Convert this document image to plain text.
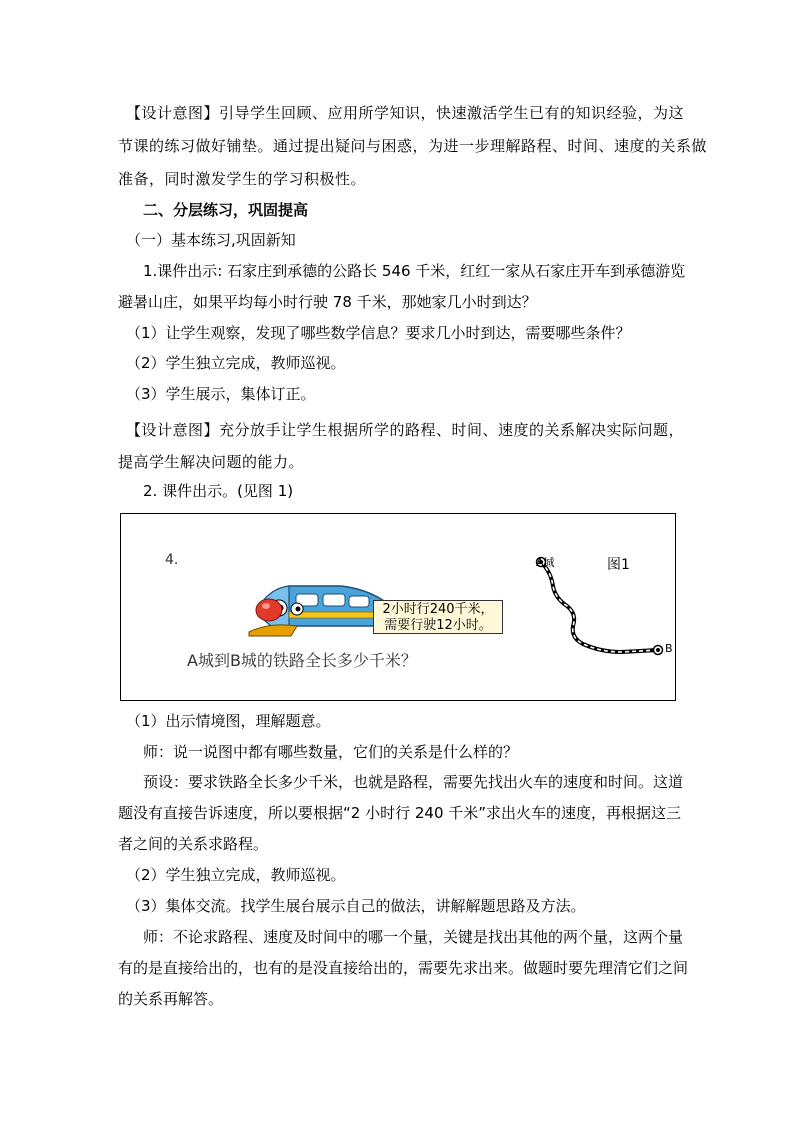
【设计意图】引导学生回顾、应用所学知识，快速激活学生已有的知识经验，为这
节课的练习做好铺垫。通过提出疑问与困惑，为进一步理解路程、时间、速度的关系做
准备，同时激发学生的学习积极性。
二、分层练习，巩固提高
（一）基本练习,巩固新知
1.课件出示: 石家庄到承德的公路长 546 千米，红红一家从石家庄开车到承德游览
避暑山庄，如果平均每小时行驶 78 千米，那她家几小时到达？
（1）让学生观察，发现了哪些数学信息？要求几小时到达，需要哪些条件？
（2）学生独立完成，教师巡视。
（3）学生展示，集体订正。
【设计意图】充分放手让学生根据所学的路程、时间、速度的关系解决实际问题，
提高学生解决问题的能力。
2. 课件出示。(见图 1)
4.
2小时行240千米，
需要行驶12小时。
A城到B城的铁路全长多少千米？
A城
B
图1
（1）出示情境图，理解题意。
师：说一说图中都有哪些数量，它们的关系是什么样的？
预设：要求铁路全长多少千米，也就是路程，需要先找出火车的速度和时间。这道
题没有直接告诉速度，所以要根据“2 小时行 240 千米”求出火车的速度，再根据这三
者之间的关系求路程。
（2）学生独立完成，教师巡视。
（3）集体交流。找学生展台展示自己的做法，讲解解题思路及方法。
师：不论求路程、速度及时间中的哪一个量，关键是找出其他的两个量，这两个量
有的是直接给出的，也有的是没直接给出的，需要先求出来。做题时要先理清它们之间
的关系再解答。
